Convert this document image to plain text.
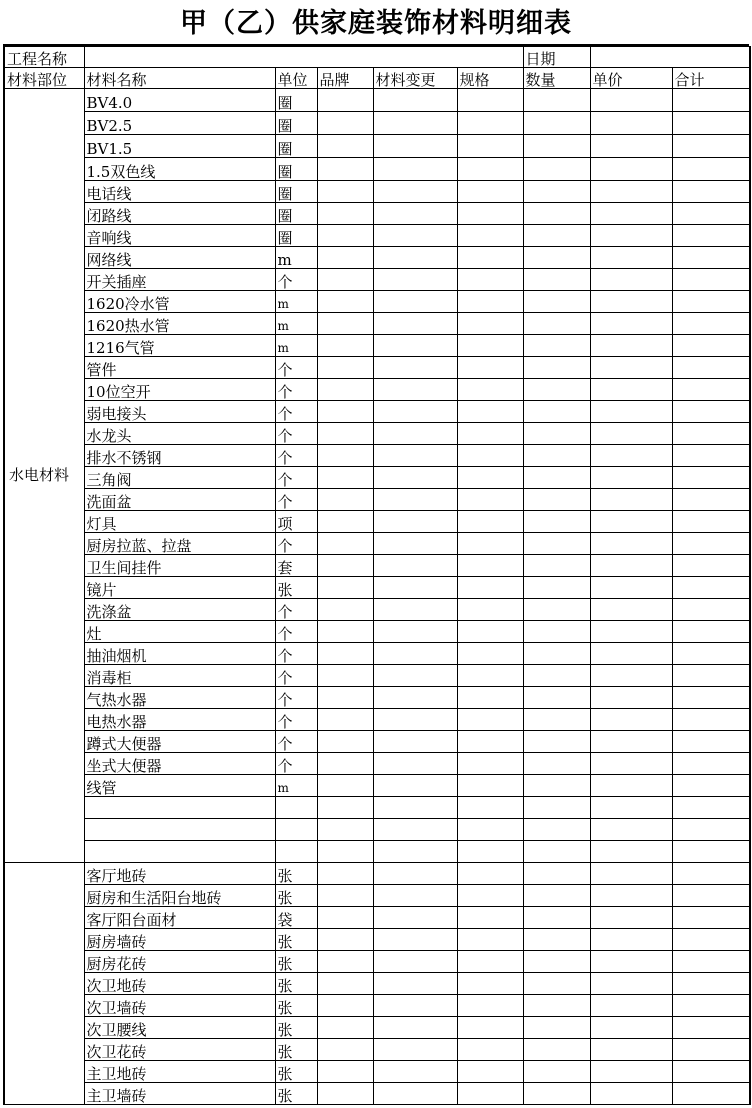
甲（乙）供家庭装饰材料明细表
工程名称						日期		
材料部位	材料名称	单位	品牌	材料变更	规格	数量	单价	合计
水电材料	BV4.0	圈						
	BV2.5	圈						
	BV1.5	圈						
	1.5双色线	圈						
	电话线	圈						
	闭路线	圈						
	音响线	圈						
	网络线	m						
	开关插座	个						
	1620冷水管	m						
	1620热水管	m						
	1216气管	m						
	管件	个						
	10位空开	个						
	弱电接头	个						
	水龙头	个						
	排水不锈钢	个						
	三角阀	个						
	洗面盆	个						
	灯具	项						
	厨房拉蓝、拉盘	个						
	卫生间挂件	套						
	镜片	张						
	洗涤盆	个						
	灶	个						
	抽油烟机	个						
	消毒柜	个						
	气热水器	个						
	电热水器	个						
	蹲式大便器	个						
	坐式大便器	个						
	线管	m						

	客厅地砖	张						
	厨房和生活阳台地砖	张						
	客厅阳台面材	袋						
	厨房墙砖	张						
	厨房花砖	张						
	次卫地砖	张						
	次卫墙砖	张						
	次卫腰线	张						
	次卫花砖	张						
	主卫地砖	张						
	主卫墙砖	张						
